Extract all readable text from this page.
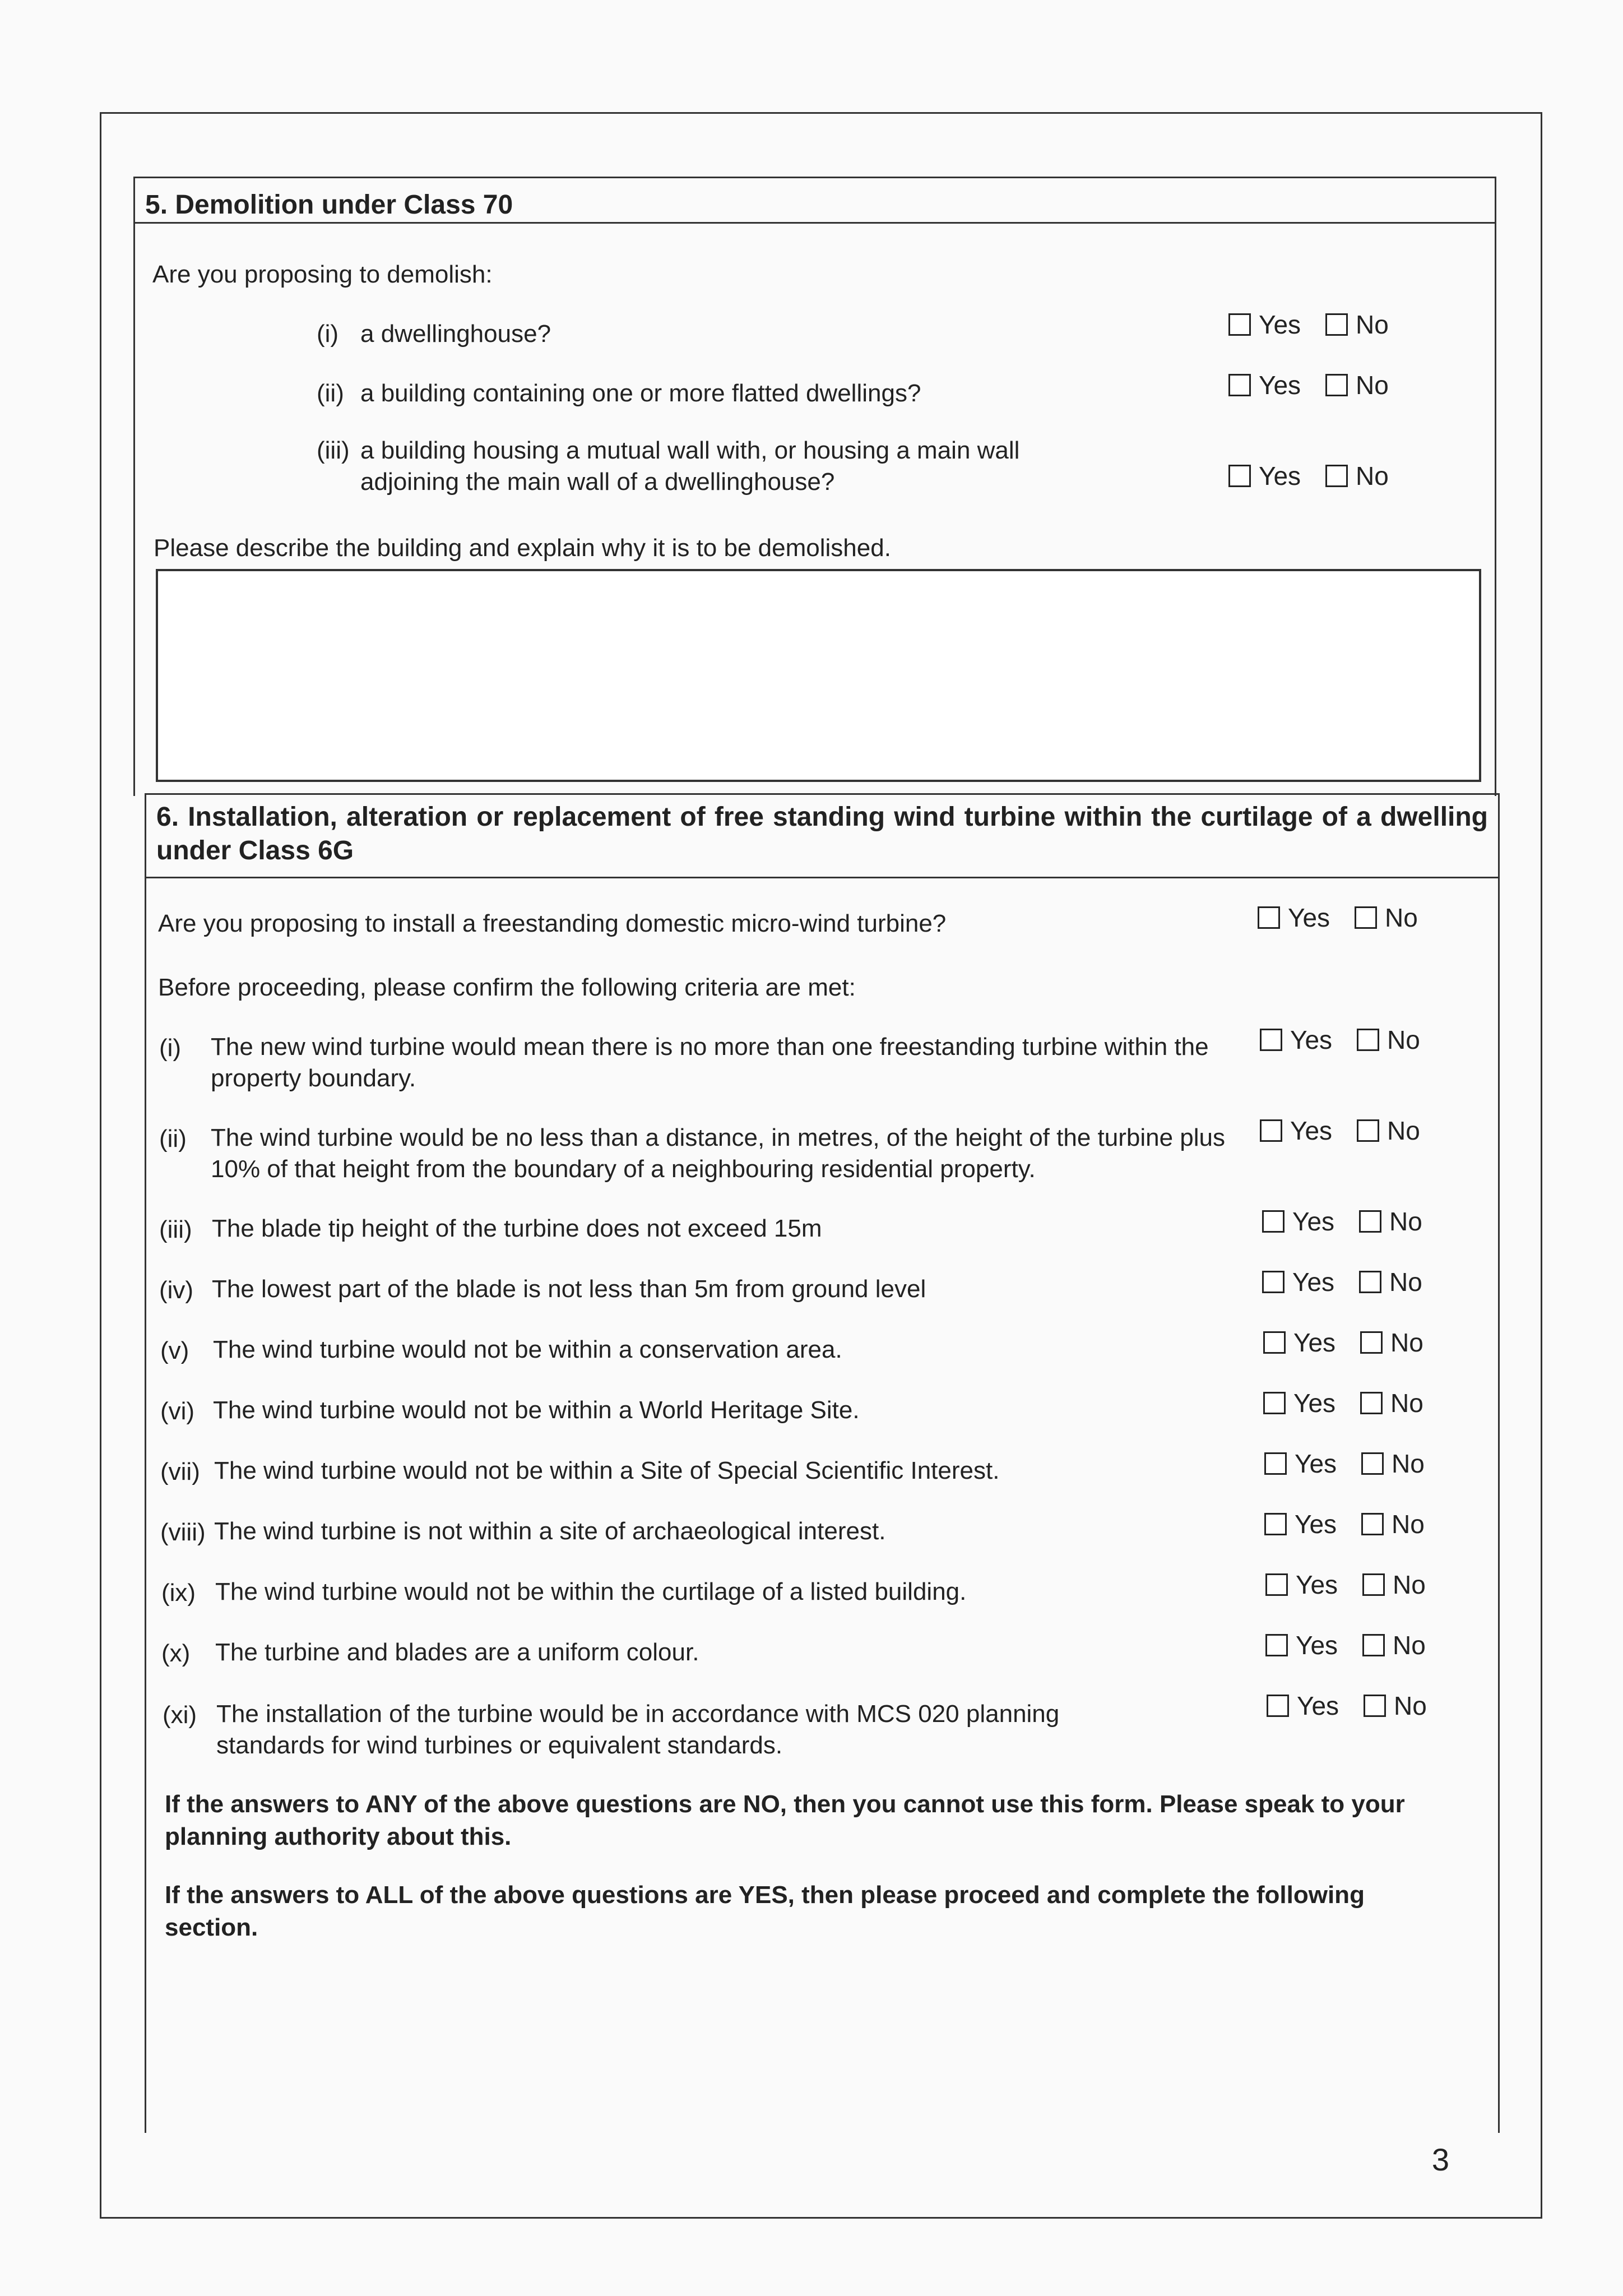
5. Demolition under Class 70
Are you proposing to demolish:
(i) a dwellinghouse?	Yes No
(ii) a building containing one or more flatted dwellings?	Yes No
(iii) a building housing a mutual wall with, or housing a main wall adjoining the main wall of a dwellinghouse?	Yes No
Please describe the building and explain why it is to be demolished.
6. Installation, alteration or replacement of free standing wind turbine within the curtilage of a dwelling under Class 6G
Are you proposing to install a freestanding domestic micro-wind turbine?	Yes No
Before proceeding, please confirm the following criteria are met:
(i) The new wind turbine would mean there is no more than one freestanding turbine within the property boundary.
Yes No
(ii) The wind turbine would be no less than a distance, in metres, of the height of the turbine plus 10% of that height from the boundary of a neighbouring residential property.
Yes No
(iii) The blade tip height of the turbine does not exceed 15m	Yes No
(iv) The lowest part of the blade is not less than 5m from ground level	Yes No
(v) The wind turbine would not be within a conservation area.	Yes No
(vi) The wind turbine would not be within a World Heritage Site.	Yes No
(vii) The wind turbine would not be within a Site of Special Scientific Interest.	Yes No
(viii) The wind turbine is not within a site of archaeological interest.	Yes No
(ix) The wind turbine would not be within the curtilage of a listed building.	Yes No
(x) The turbine and blades are a uniform colour.	Yes No
(xi) The installation of the turbine would be in accordance with MCS 020 planning standards for wind turbines or equivalent standards.
Yes No
If the answers to ANY of the above questions are NO, then you cannot use this form. Please speak to your planning authority about this.
If the answers to ALL of the above questions are YES, then please proceed and complete the following section.
3
